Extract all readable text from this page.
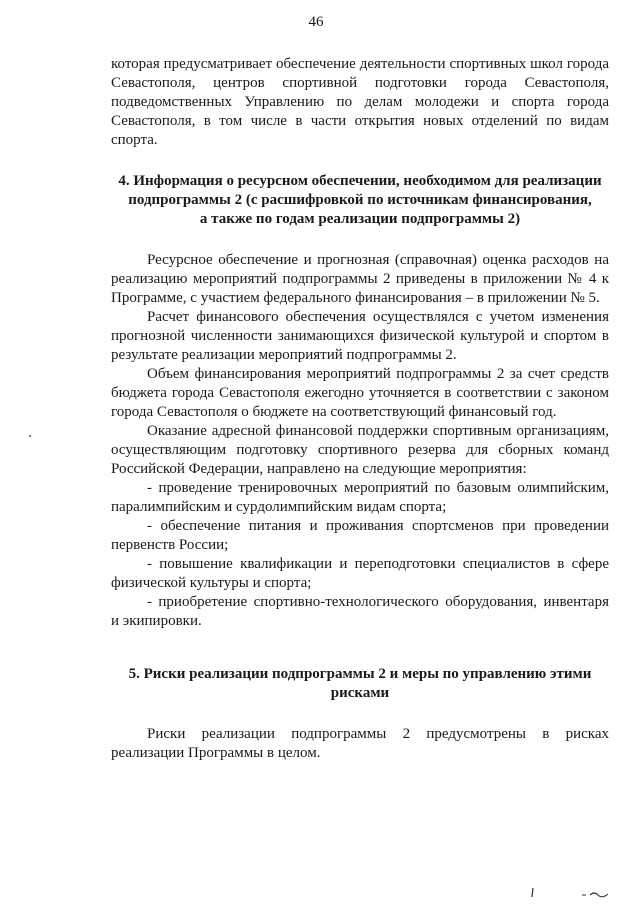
46

которая предусматривает обеспечение деятельности спортивных школ города Севастополя, центров спортивной подготовки города Севастополя, подведомственных Управлению по делам молодежи и спорта города Севастополя, в том числе в части открытия новых отделений по видам спорта.

4. Информация о ресурсном обеспечении, необходимом для реализации

подпрограммы 2 (с расшифровкой по источникам финансирования,

а также по годам реализации подпрограммы 2)

Ресурсное обеспечение и прогнозная (справочная) оценка расходов на реализацию мероприятий подпрограммы 2 приведены в приложении № 4 к Программе, с участием федерального финансирования – в приложении № 5.

Расчет финансового обеспечения осуществлялся с учетом изменения прогнозной численности занимающихся физической культурой и спортом в результате реализации мероприятий подпрограммы 2.

Объем финансирования мероприятий подпрограммы 2 за счет средств бюджета города Севастополя ежегодно уточняется в соответствии с законом города Севастополя о бюджете на соответствующий финансовый год.

Оказание адресной финансовой поддержки спортивным организациям, осуществляющим подготовку спортивного резерва для сборных команд Российской Федерации, направлено на следующие мероприятия:

- проведение тренировочных мероприятий по базовым олимпийским, паралимпийским и сурдолимпийским видам спорта;

- обеспечение питания и проживания спортсменов при проведении первенств России;

- повышение квалификации и переподготовки специалистов в сфере физической культуры и спорта;

- приобретение спортивно-технологического оборудования, инвентаря и экипировки.

5. Риски реализации подпрограммы 2 и меры по управлению этими

рисками

Риски реализации подпрограммы 2 предусмотрены в рисках реализации Программы в целом.
